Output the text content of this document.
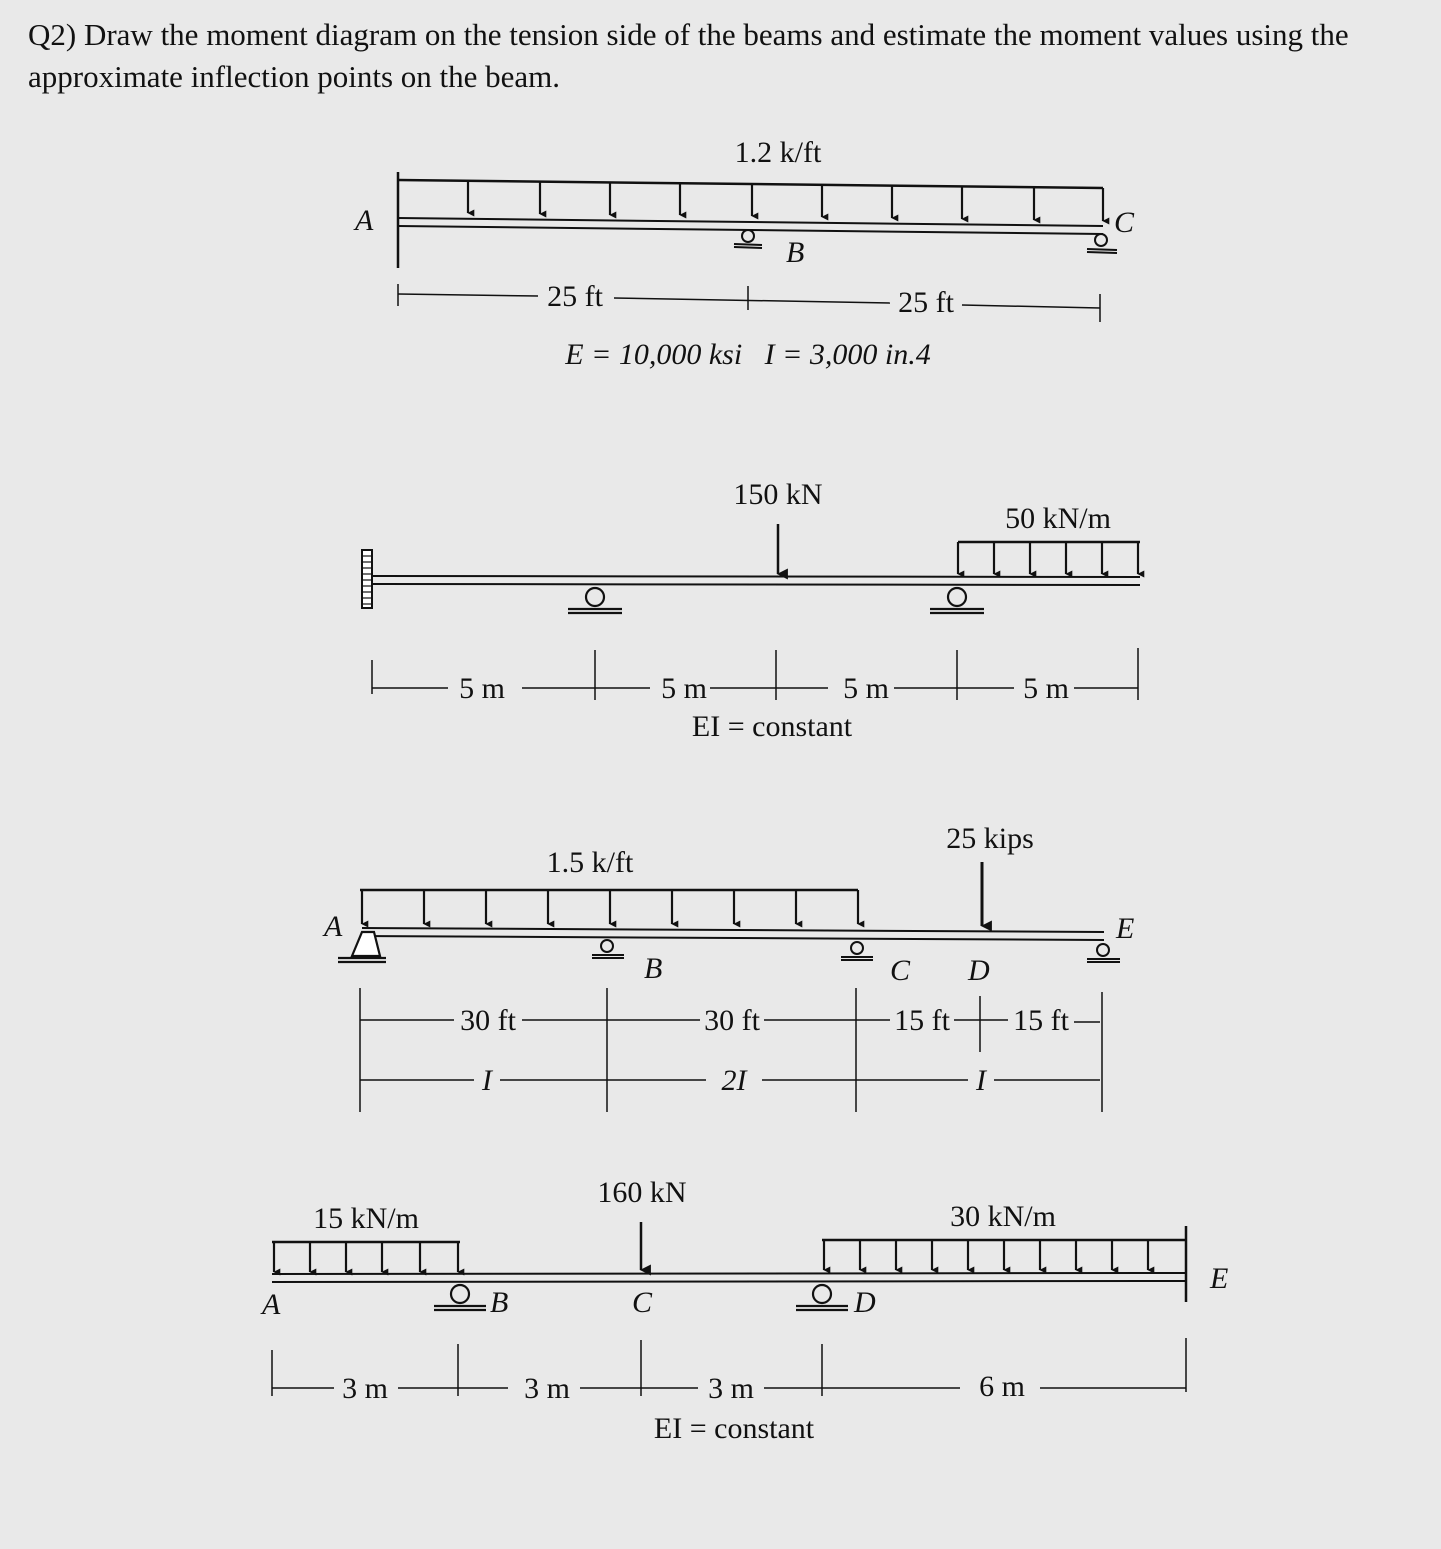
Q2) Draw the moment diagram on the tension side of the beams and estimate the moment values using the approximate inflection points on the beam.
1.2 k/ft
A
B
C
25 ft	25 ft
E = 10,000 ksi   I = 3,000 in.4
150 kN
50 kN/m
5 m	5 m	5 m	5 m
EI = constant
1.5 k/ft
25 kips
A
B	C D
E
30 ft	30 ft	15 ft 15 ft
I	2I	I
15 kN/m
160 kN
30 kN/m
A	B	C	D
E
3 m	3 m	3 m	6 m
EI = constant
